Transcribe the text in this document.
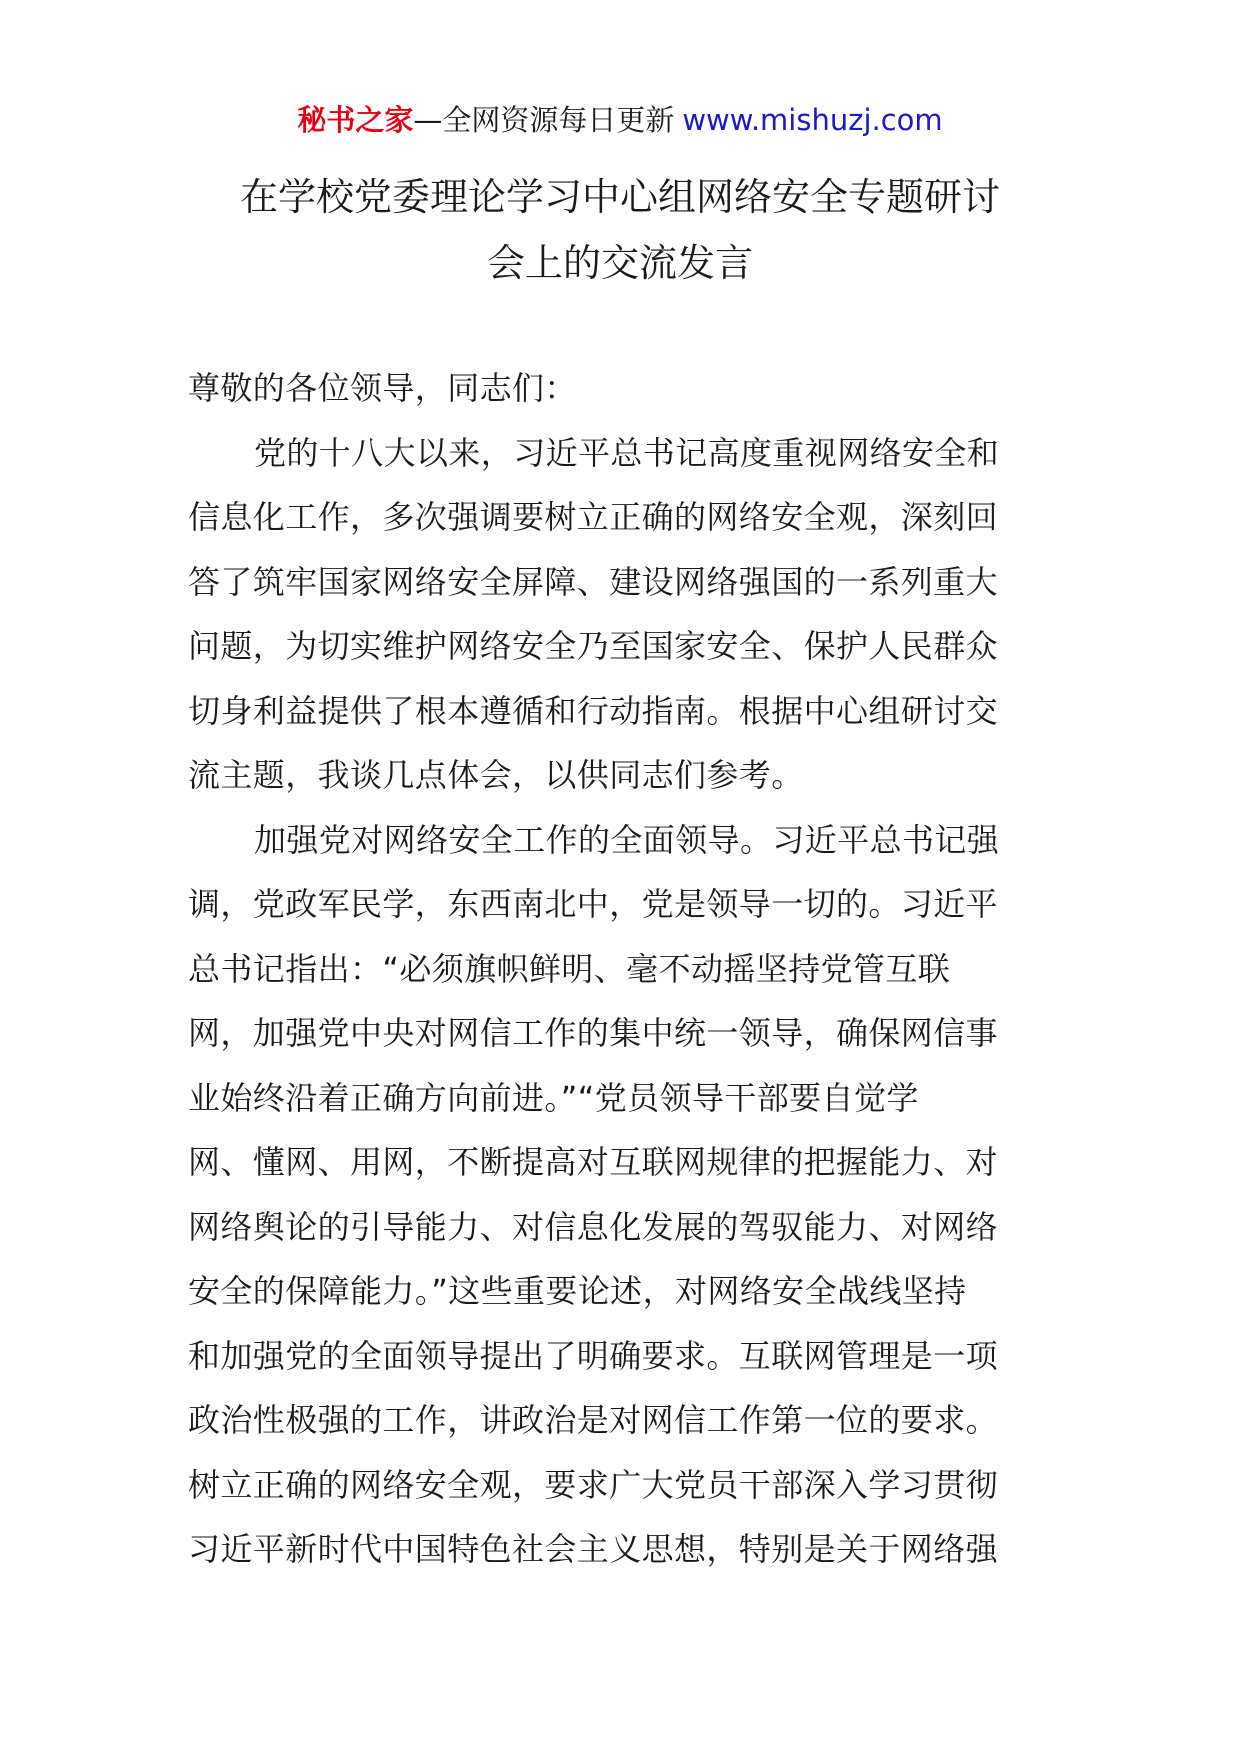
秘书之家—全网资源每日更新 www.mishuzj.com
在学校党委理论学习中心组网络安全专题研讨
会上的交流发言
尊敬的各位领导，同志们：
党的十八大以来，习近平总书记高度重视网络安全和
信息化工作，多次强调要树立正确的网络安全观，深刻回
答了筑牢国家网络安全屏障、建设网络强国的一系列重大
问题，为切实维护网络安全乃至国家安全、保护人民群众
切身利益提供了根本遵循和行动指南。根据中心组研讨交
流主题，我谈几点体会，以供同志们参考。
加强党对网络安全工作的全面领导。习近平总书记强
调，党政军民学，东西南北中，党是领导一切的。习近平
总书记指出：“必须旗帜鲜明、毫不动摇坚持党管互联
网，加强党中央对网信工作的集中统一领导，确保网信事
业始终沿着正确方向前进。”“党员领导干部要自觉学
网、懂网、用网，不断提高对互联网规律的把握能力、对
网络舆论的引导能力、对信息化发展的驾驭能力、对网络
安全的保障能力。”这些重要论述，对网络安全战线坚持
和加强党的全面领导提出了明确要求。互联网管理是一项
政治性极强的工作，讲政治是对网信工作第一位的要求。
树立正确的网络安全观，要求广大党员干部深入学习贯彻
习近平新时代中国特色社会主义思想，特别是关于网络强
